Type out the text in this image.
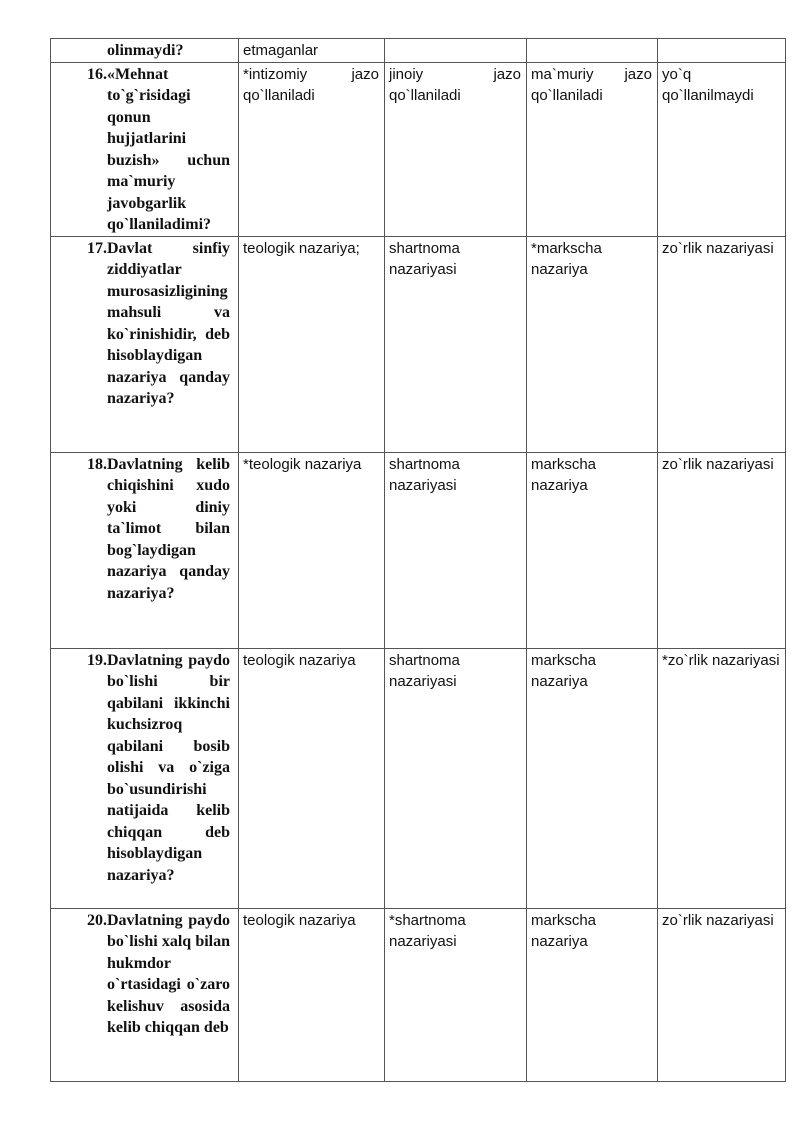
olinmaydi?	etmaganlar			

16.«Mehnat to`g`risidagi qonun hujjatlarini buzish» uchun ma`muriy javobgarlik qo`llaniladimi?	*intizomiy jazo qo`llaniladi	jinoiy jazo qo`llaniladi	ma`muriy jazo qo`llaniladi	yo`q qo`llanilmaydi

17.Davlat sinfiy ziddiyatlar murosasizligining mahsuli va ko`rinishidir, deb hisoblaydigan nazariya qanday nazariya?	teologik nazariya;	shartnoma nazariyasi	*markscha nazariya	zo`rlik nazariyasi

18.Davlatning kelib chiqishini xudo yoki diniy ta`limot bilan bog`laydigan nazariya qanday nazariya?	*teologik nazariya	shartnoma nazariyasi	markscha nazariya	zo`rlik nazariyasi

19.Davlatning paydo bo`lishi bir qabilani ikkinchi kuchsizroq qabilani bosib olishi va o`ziga bo`usundirishi natijaida kelib chiqqan deb hisoblaydigan nazariya?	teologik nazariya	shartnoma nazariyasi	markscha nazariya	*zo`rlik nazariyasi

20.Davlatning paydo bo`lishi xalq bilan hukmdor o`rtasidagi o`zaro kelishuv asosida kelib chiqqan deb	teologik nazariya	*shartnoma nazariyasi	markscha nazariya	zo`rlik nazariyasi
